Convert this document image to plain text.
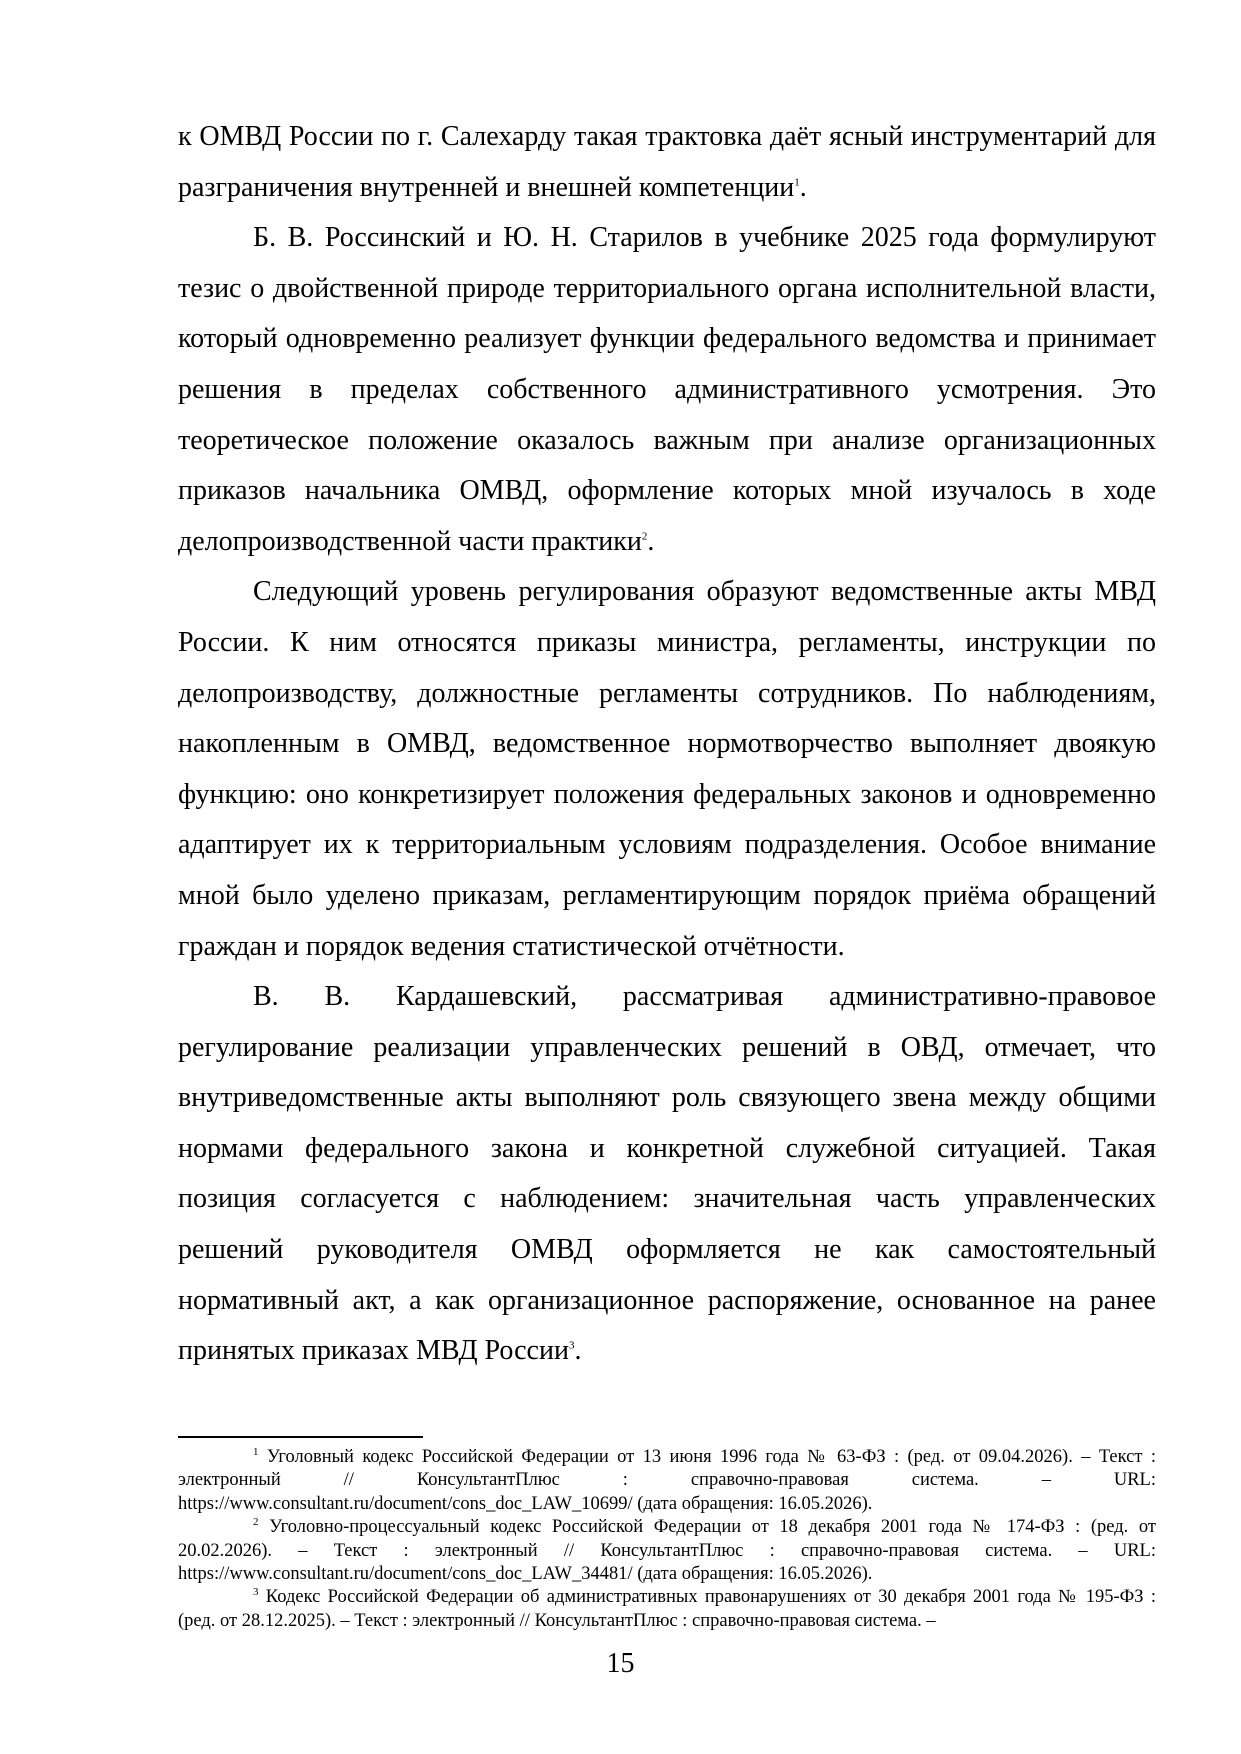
к ОМВД России по г. Салехарду такая трактовка даёт ясный инструментарий для разграничения внутренней и внешней компетенции$^1$.

Б. В. Россинский и Ю. Н. Старилов в учебнике 2025 года формулируют тезис о двойственной природе территориального органа исполнительной власти, который одновременно реализует функции федерального ведомства и принимает решения в пределах собственного административного усмотрения. Это теоретическое положение оказалось важным при анализе организационных приказов начальника ОМВД, оформление которых мной изучалось в ходе делопроизводственной части практики$^2$.

Следующий уровень регулирования образуют ведомственные акты МВД России. К ним относятся приказы министра, регламенты, инструкции по делопроизводству, должностные регламенты сотрудников. По наблюдениям, накопленным в ОМВД, ведомственное нормотворчество выполняет двоякую функцию: оно конкретизирует положения федеральных законов и одновременно адаптирует их к территориальным условиям подразделения. Особое внимание мной было уделено приказам, регламентирующим порядок приёма обращений граждан и порядок ведения статистической отчётности.

В. В. Кардашевский, рассматривая административно-правовое регулирование реализации управленческих решений в ОВД, отмечает, что внутриведомственные акты выполняют роль связующего звена между общими нормами федерального закона и конкретной служебной ситуацией. Такая позиция согласуется с наблюдением: значительная часть управленческих решений руководителя ОМВД оформляется не как самостоятельный нормативный акт, а как организационное распоряжение, основанное на ранее принятых приказах МВД России$^3$.

$^1$ Уголовный кодекс Российской Федерации от 13 июня 1996 года № 63-ФЗ : (ред. от 09.04.2026). – Текст : электронный // КонсультантПлюс : справочно-правовая система. – URL: https://www.consultant.ru/document/cons_doc_LAW_10699/ (дата обращения: 16.05.2026).

$^2$ Уголовно-процессуальный кодекс Российской Федерации от 18 декабря 2001 года № 174-ФЗ : (ред. от 20.02.2026). – Текст : электронный // КонсультантПлюс : справочно-правовая система. – URL: https://www.consultant.ru/document/cons_doc_LAW_34481/ (дата обращения: 16.05.2026).

$^3$ Кодекс Российской Федерации об административных правонарушениях от 30 декабря 2001 года № 195-ФЗ : (ред. от 28.12.2025). – Текст : электронный // КонсультантПлюс : справочно-правовая система. –

15
